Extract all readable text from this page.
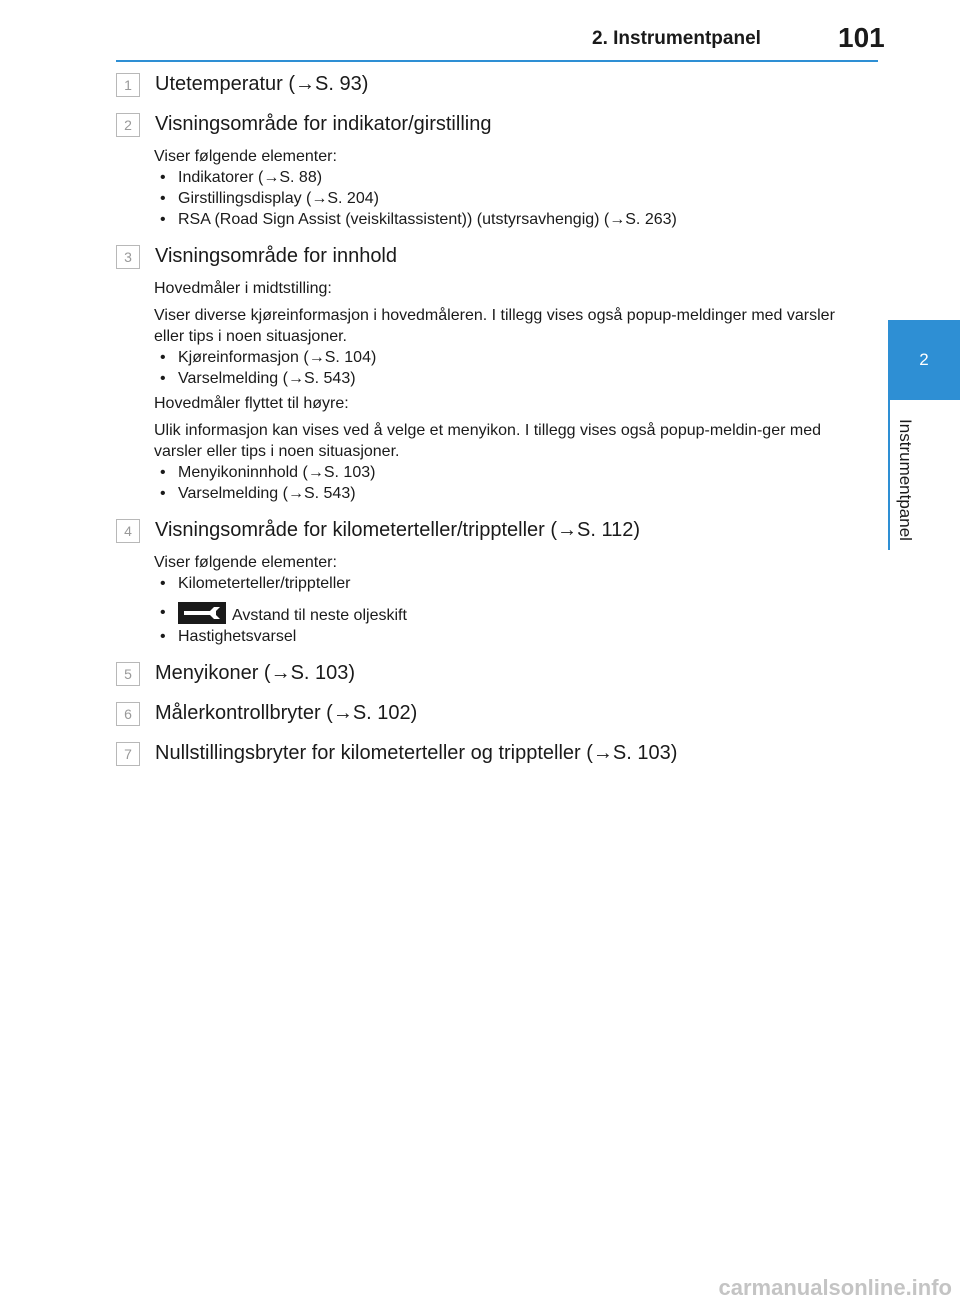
2. Instrumentpanel	101
2
Instrumentpanel
1	Utetemperatur (→S. 93)
2	Visningsområde for indikator/girstilling

Viser følgende elementer:

• Indikatorer (→S. 88)
• Girstillingsdisplay (→S. 204)
• RSA (Road Sign Assist (veiskiltassistent)) (utstyrsavhengig) (→S. 263)
3	Visningsområde for innhold

Hovedmåler i midtstilling:

Viser diverse kjøreinformasjon i hovedmåleren. I tillegg vises også popup-meldinger med varsler eller tips i noen situasjoner.

• Kjøreinformasjon (→S. 104)
• Varselmelding (→S. 543)

Hovedmåler flyttet til høyre:

Ulik informasjon kan vises ved å velge et menyikon. I tillegg vises også popup-meldin-ger med varsler eller tips i noen situasjoner.

• Menyikoninnhold (→S. 103)
• Varselmelding (→S. 543)
4	Visningsområde for kilometerteller/trippteller (→S. 112)

Viser følgende elementer:

• Kilometerteller/trippteller
• Avstand til neste oljeskift
• Hastighetsvarsel
5	Menyikoner (→S. 103)
6	Målerkontrollbryter (→S. 102)
7	Nullstillingsbryter for kilometerteller og trippteller (→S. 103)
carmanualsonline.info
